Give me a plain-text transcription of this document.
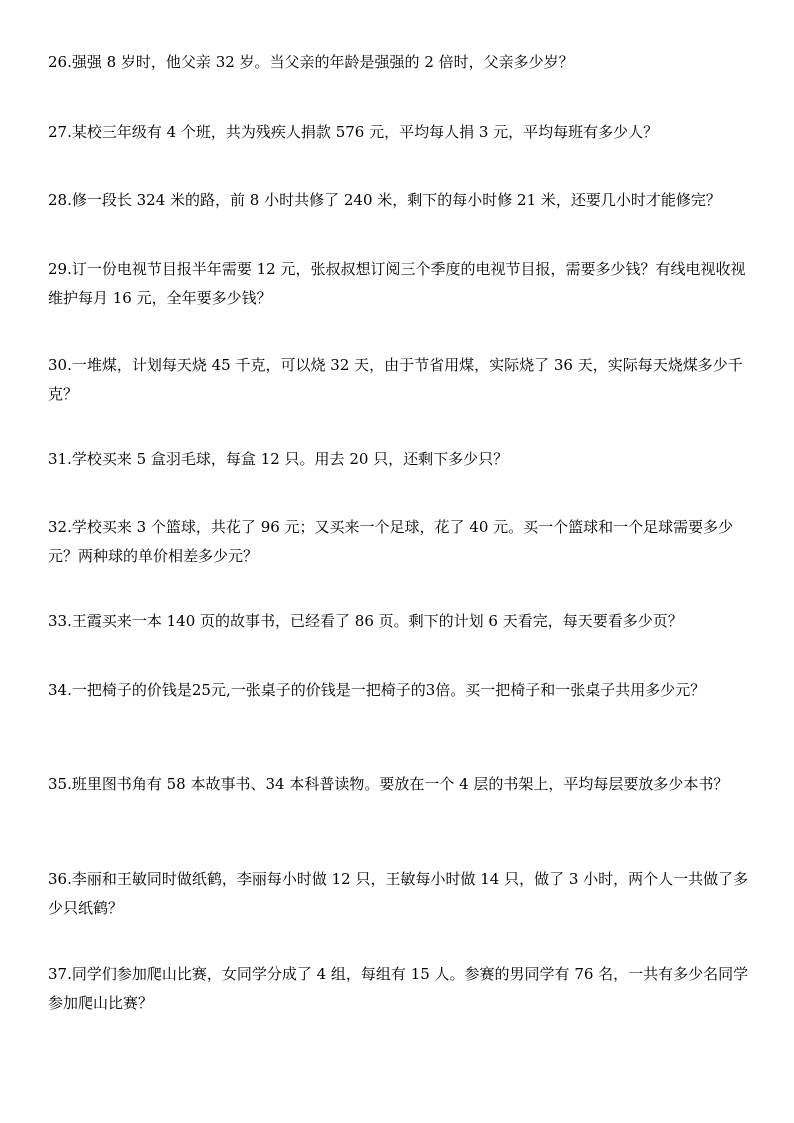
26.强强 8 岁时，他父亲 32 岁。当父亲的年龄是强强的 2 倍时，父亲多少岁？

27.某校三年级有 4 个班，共为残疾人捐款 576 元，平均每人捐 3 元，平均每班有多少人？

28.修一段长 324 米的路，前 8 小时共修了 240 米，剩下的每小时修 21 米，还要几小时才能修完？

29.订一份电视节目报半年需要 12 元，张叔叔想订阅三个季度的电视节目报，需要多少钱？有线电视收视维护每月 16 元，全年要多少钱？

30.一堆煤，计划每天烧 45 千克，可以烧 32 天，由于节省用煤，实际烧了 36 天，实际每天烧煤多少千克？

31.学校买来 5 盒羽毛球，每盒 12 只。用去 20 只，还剩下多少只？

32.学校买来 3 个篮球，共花了 96 元；又买来一个足球，花了 40 元。买一个篮球和一个足球需要多少元？两种球的单价相差多少元？

33.王霞买来一本 140 页的故事书，已经看了 86 页。剩下的计划 6 天看完，每天要看多少页？

34.一把椅子的价钱是25元,一张桌子的价钱是一把椅子的3倍。买一把椅子和一张桌子共用多少元？

35.班里图书角有 58 本故事书、34 本科普读物。要放在一个 4 层的书架上，平均每层要放多少本书？

36.李丽和王敏同时做纸鹤，李丽每小时做 12 只，王敏每小时做 14 只，做了 3 小时，两个人一共做了多少只纸鹤？

37.同学们参加爬山比赛，女同学分成了 4 组，每组有 15 人。参赛的男同学有 76 名，一共有多少名同学参加爬山比赛？
